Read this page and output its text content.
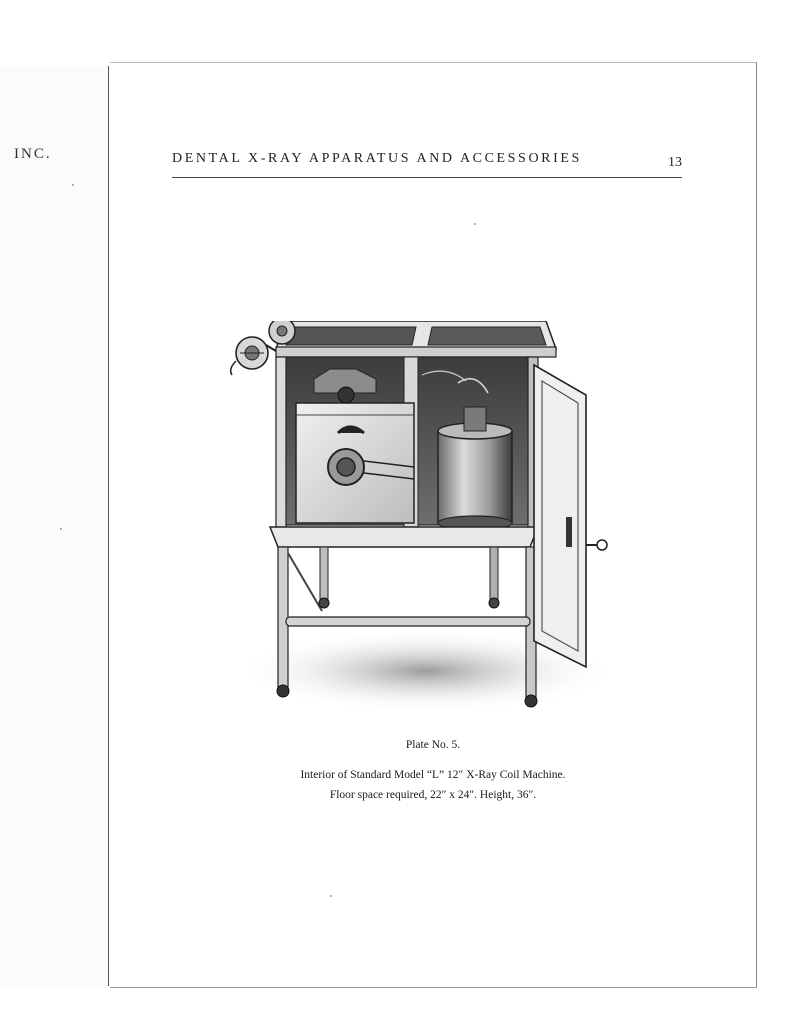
INC.	DENTAL X-RAY APPARATUS AND ACCESSORIES	13
Plate No. 5.
Interior of Standard Model “L” 12″ X-Ray Coil Machine.
Floor space required, 22″ x 24″. Height, 36″.
